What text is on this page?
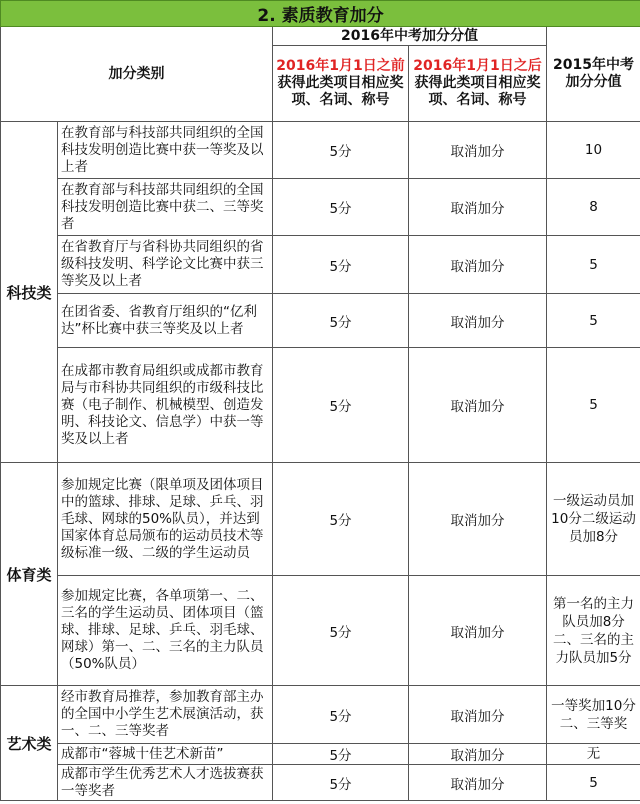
2. 素质教育加分				
加分类别		2016年中考加分分值		2015年中考加分分值
		2016年1月1日之前获得此类项目相应奖项、名词、称号	2016年1月1日之后获得此类项目相应奖项、名词、称号	
科技类	在教育部与科技部共同组织的全国科技发明创造比赛中获一等奖及以上者	5分	取消加分	10
	在教育部与科技部共同组织的全国科技发明创造比赛中获二、三等奖者	5分	取消加分	8
	在省教育厅与省科协共同组织的省级科技发明、科学论文比赛中获三等奖及以上者	5分	取消加分	5
	在团省委、省教育厅组织的“亿利达”杯比赛中获三等奖及以上者	5分	取消加分	5
	在成都市教育局组织或成都市教育局与市科协共同组织的市级科技比赛（电子制作、机械模型、创造发明、科技论文、信息学）中获一等奖及以上者	5分	取消加分	5
体育类	参加规定比赛（限单项及团体项目中的篮球、排球、足球、乒乓、羽毛球、网球的50%队员），并达到国家体育总局颁布的运动员技术等级标准一级、二级的学生运动员	5分	取消加分	一级运动员加10分二级运动员加8分
	参加规定比赛，各单项第一、二、三名的学生运动员、团体项目（篮球、排球、足球、乒乓、羽毛球、网球）第一、二、三名的主力队员（50%队员）	5分	取消加分	第一名的主力队员加8分二、三名的主力队员加5分
艺术类	经市教育局推荐，参加教育部主办的全国中小学生艺术展演活动，获一、二、三等奖者	5分	取消加分	一等奖加10分二、三等奖
	成都市“蓉城十佳艺术新苗”	5分	取消加分	无
	成都市学生优秀艺术人才选拔赛获一等奖者	5分	取消加分	5
